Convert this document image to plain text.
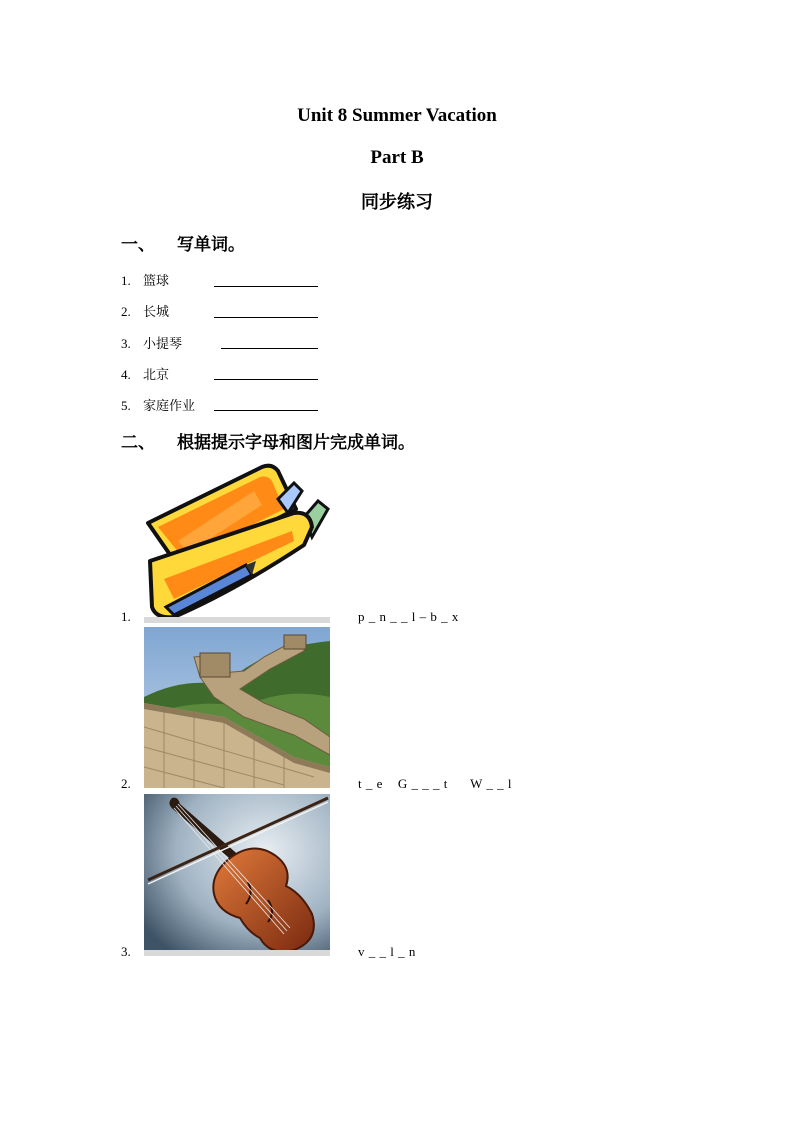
Unit 8 Summer Vacation
Part B
同步练习
一、 写单词。
1. 篮球
2. 长城
3. 小提琴
4. 北京
5. 家庭作业
二、 根据提示字母和图片完成单词。
1.	p _ n _ _ l – b _ x
2.	t _ e    G _ _ _ t      W _ _ l
3.	v _ _ l _ n
